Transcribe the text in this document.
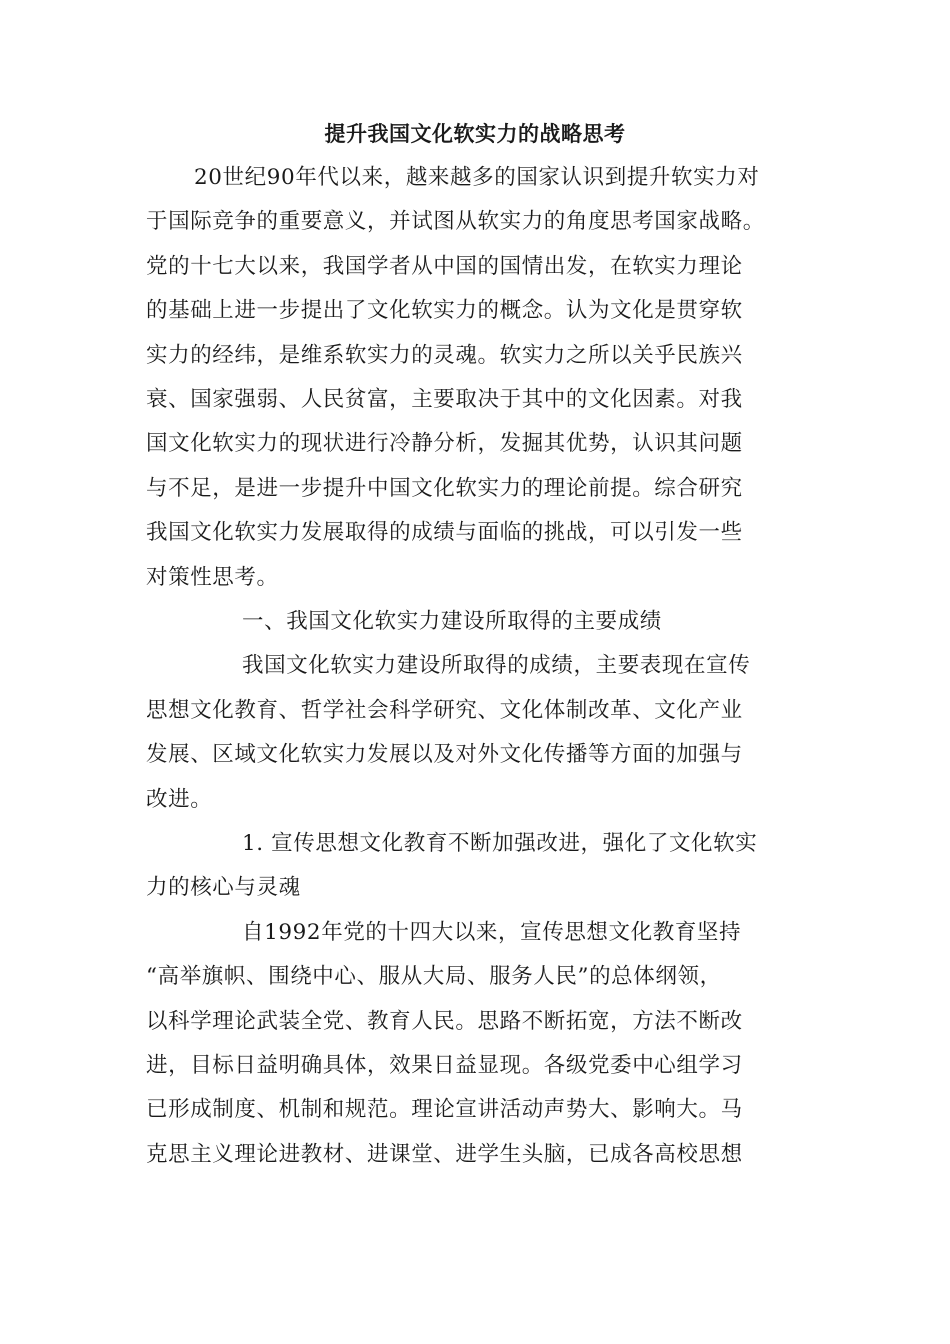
提升我国文化软实力的战略思考
20世纪90年代以来，越来越多的国家认识到提升软实力对
于国际竞争的重要意义，并试图从软实力的角度思考国家战略。
党的十七大以来，我国学者从中国的国情出发，在软实力理论
的基础上进一步提出了文化软实力的概念。认为文化是贯穿软
实力的经纬，是维系软实力的灵魂。软实力之所以关乎民族兴
衰、国家强弱、人民贫富，主要取决于其中的文化因素。对我
国文化软实力的现状进行冷静分析，发掘其优势，认识其问题
与不足，是进一步提升中国文化软实力的理论前提。综合研究
我国文化软实力发展取得的成绩与面临的挑战，可以引发一些
对策性思考。
一、我国文化软实力建设所取得的主要成绩
我国文化软实力建设所取得的成绩，主要表现在宣传
思想文化教育、哲学社会科学研究、文化体制改革、文化产业
发展、区域文化软实力发展以及对外文化传播等方面的加强与
改进。
1. 宣传思想文化教育不断加强改进，强化了文化软实
力的核心与灵魂
自1992年党的十四大以来，宣传思想文化教育坚持
“高举旗帜、围绕中心、服从大局、服务人民”的总体纲领，
以科学理论武装全党、教育人民。思路不断拓宽，方法不断改
进，目标日益明确具体，效果日益显现。各级党委中心组学习
已形成制度、机制和规范。理论宣讲活动声势大、影响大。马
克思主义理论进教材、进课堂、进学生头脑，已成各高校思想
